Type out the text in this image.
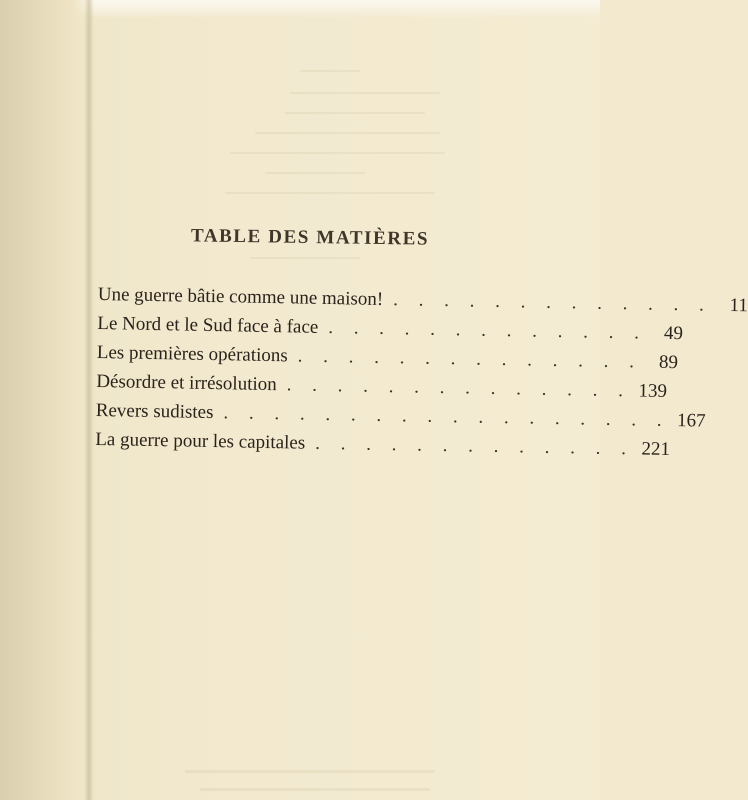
TABLE DES MATIÈRES
Une guerre bâtie comme une maison! . . . . . . . . . . . . . 11
Le Nord et le Sud face à face . . . . . . . . . . . . . 49
Les premières opérations . . . . . . . . . . . . . . 89
Désordre et irrésolution . . . . . . . . . . . . . . 139
Revers sudistes . . . . . . . . . . . . . . . . . . 167
La guerre pour les capitales . . . . . . . . . . . . . 221
